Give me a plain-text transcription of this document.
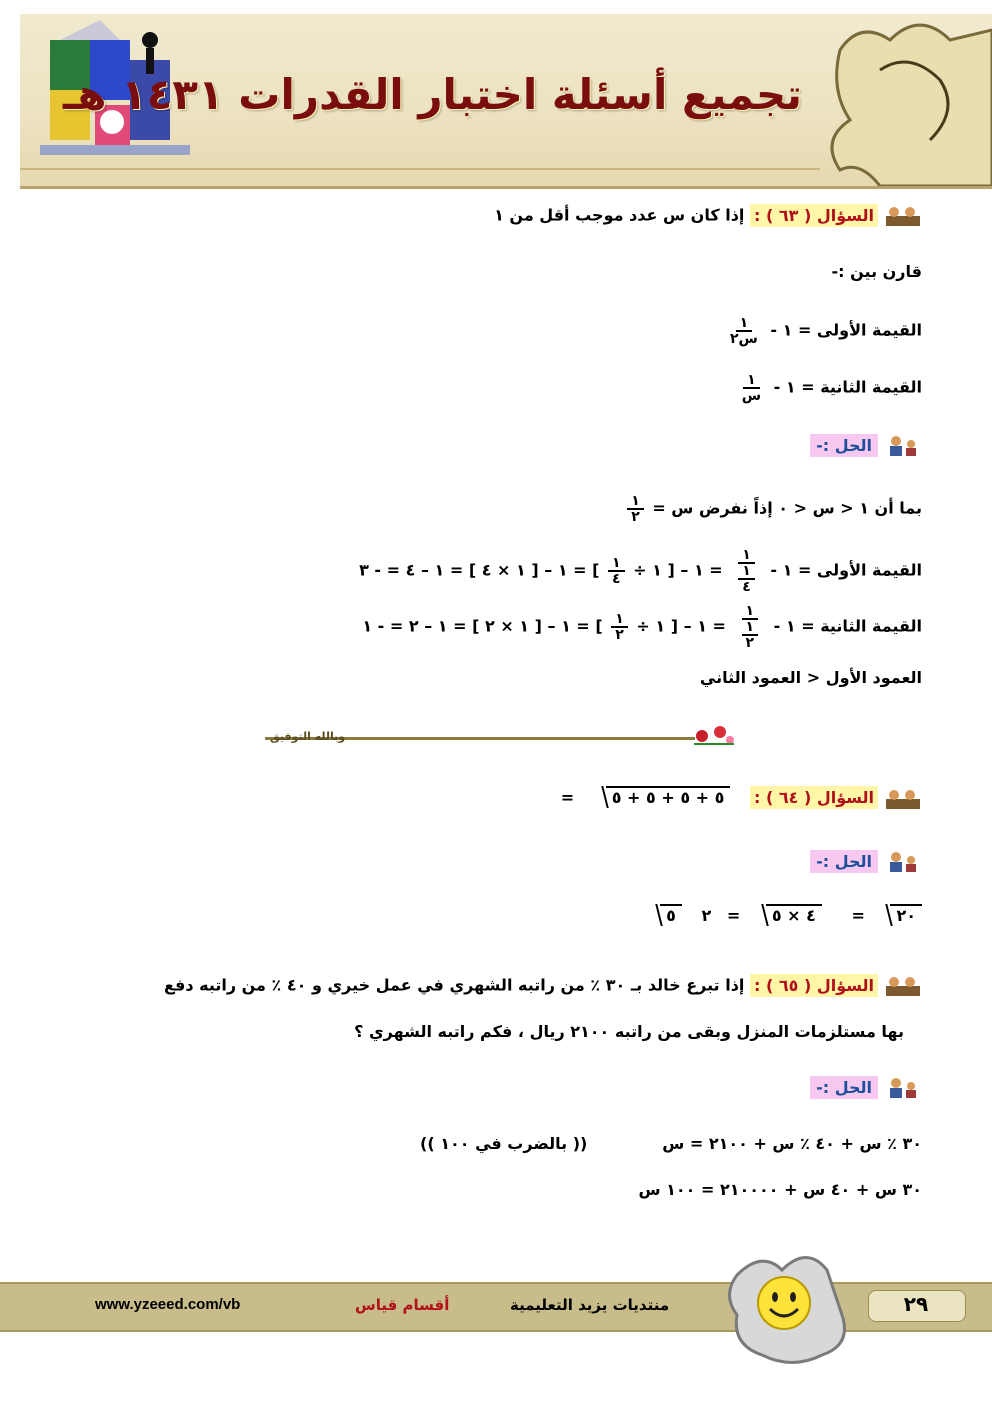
تجميع أسئلة اختبار القدرات ١٤٣١ هـ
السؤال ( ٦٣ ) : إذا كان س عدد موجب أقل من ١
قارن بين :-
القيمة الأولى = ١ -
$\frac{١}{\text{س٢}}$
القيمة الثانية = ١ -
$\frac{١}{\text{س}}$
الحل :-
بما أن ١ < س < ٠ إذاً نفرض س =
$\frac{١}{٢}$
القيمة الأولى = ١ -
$\frac{١}{\frac{١}{٤}}$
= ١ – [ ١ ÷
$\frac{١}{٤}$
] = ١ – [ ١ × ٤ ] = ١ – ٤ = - ٣
القيمة الثانية = ١ -
$\frac{١}{\frac{١}{٢}}$
= ١ – [ ١ ÷
$\frac{١}{٢}$
] = ١ – [ ١ × ٢ ] = ١ – ٢ = - ١
العمود الأول < العمود الثاني
وبالله التوفيق
السؤال ( ٦٤ ) : ٥ + ٥ + ٥ + ٥ =
الحل :-
٢٠ = ٤ × ٥ = ٢ ٥
السؤال ( ٦٥ ) : إذا تبرع خالد بـ ٣٠ ٪ من راتبه الشهري في عمل خيري و ٤٠ ٪ من راتبه دفع
بها مستلزمات المنزل وبقى من راتبه ٢١٠٠ ريال ، فكم راتبه الشهري ؟
الحل :-
٣٠ ٪ س + ٤٠ ٪ س + ٢١٠٠ = س
(( بالضرب في ١٠٠ ))
٣٠ س + ٤٠ س + ٢١٠٠٠٠ = ١٠٠ س
www.yzeeed.com/vb	أقسام قياس	منتديات يزيد التعليمية	٢٩
